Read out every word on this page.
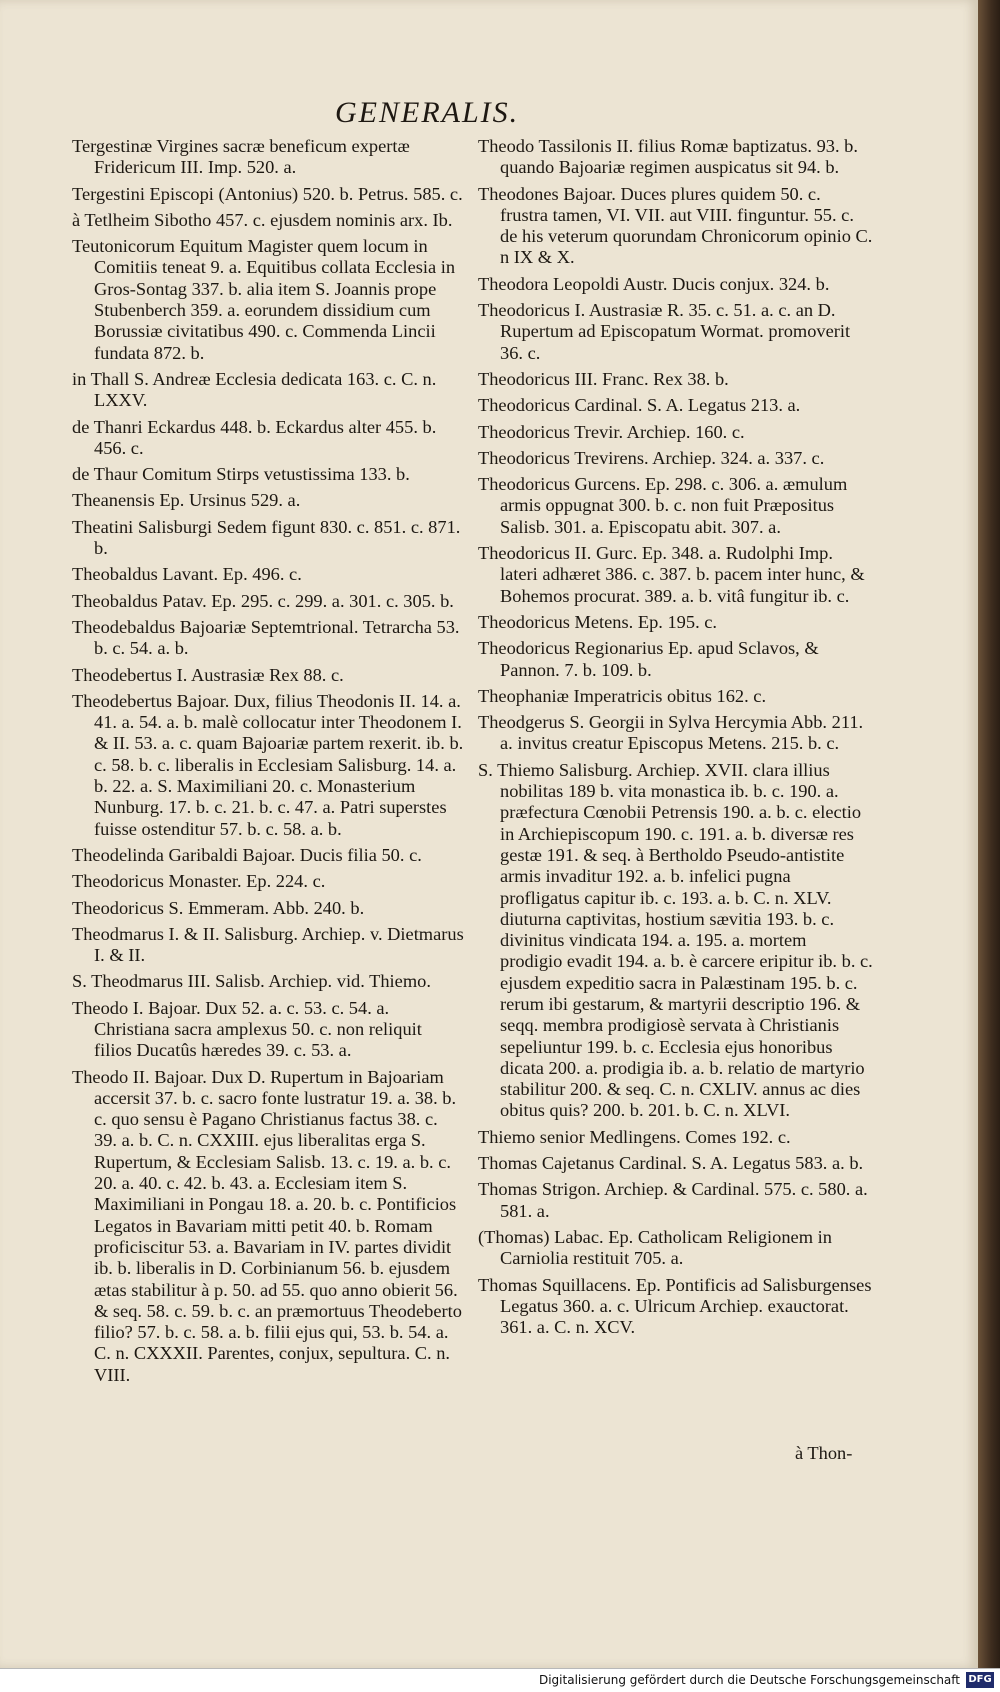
GENERALIS.

Tergestinæ Virgines sacræ beneficum expertæ Fridericum III. Imp. 520. a.

Tergestini Episcopi (Antonius) 520. b. Petrus. 585. c.

à Tetlheim Sibotho 457. c. ejusdem nominis arx. Ib.

Teutonicorum Equitum Magister quem locum in Comitiis teneat 9. a. Equitibus collata Ecclesia in Gros-Sontag 337. b. alia item S. Joannis prope Stubenberch 359. a. eorundem dissidium cum Borussiæ civitatibus 490. c. Commenda Lincii fundata 872. b.

in Thall S. Andreæ Ecclesia dedicata 163. c. C. n. LXXV.

de Thanri Eckardus 448. b. Eckardus alter 455. b. 456. c.

de Thaur Comitum Stirps vetustissima 133. b.

Theanensis Ep. Ursinus 529. a.

Theatini Salisburgi Sedem figunt 830. c. 851. c. 871. b.

Theobaldus Lavant. Ep. 496. c.

Theobaldus Patav. Ep. 295. c. 299. a. 301. c. 305. b.

Theodebaldus Bajoariæ Septemtrional. Tetrarcha 53. b. c. 54. a. b.

Theodebertus I. Austrasiæ Rex 88. c.

Theodebertus Bajoar. Dux, filius Theodonis II. 14. a. 41. a. 54. a. b. malè collocatur inter Theodonem I. & II. 53. a. c. quam Bajoariæ partem rexerit. ib. b. c. 58. b. c. liberalis in Ecclesiam Salisburg. 14. a. b. 22. a. S. Maximiliani 20. c. Monasterium Nunburg. 17. b. c. 21. b. c. 47. a. Patri superstes fuisse ostenditur 57. b. c. 58. a. b.

Theodelinda Garibaldi Bajoar. Ducis filia 50. c.

Theodoricus Monaster. Ep. 224. c.

Theodoricus S. Emmeram. Abb. 240. b.

Theodmarus I. & II. Salisburg. Archiep. v. Dietmarus I. & II.

S. Theodmarus III. Salisb. Archiep. vid. Thiemo.

Theodo I. Bajoar. Dux 52. a. c. 53. c. 54. a. Christiana sacra amplexus 50. c. non reliquit filios Ducatûs hæredes 39. c. 53. a.

Theodo II. Bajoar. Dux D. Rupertum in Bajoariam accersit 37. b. c. sacro fonte lustratur 19. a. 38. b. c. quo sensu è Pagano Christianus factus 38. c. 39. a. b. C. n. CXXIII. ejus liberalitas erga S. Rupertum, & Ecclesiam Salisb. 13. c. 19. a. b. c. 20. a. 40. c. 42. b. 43. a. Ecclesiam item S. Maximiliani in Pongau 18. a. 20. b. c. Pontificios Legatos in Bavariam mitti petit 40. b. Romam proficiscitur 53. a. Bavariam in IV. partes dividit ib. b. liberalis in D. Corbinianum 56. b. ejusdem ætas stabilitur à p. 50. ad 55. quo anno obierit 56. & seq. 58. c. 59. b. c. an præmortuus Theodeberto filio? 57. b. c. 58. a. b. filii ejus qui, 53. b. 54. a. C. n. CXXXII. Parentes, conjux, sepultura. C. n. VIII.

Theodo Tassilonis II. filius Romæ baptizatus. 93. b. quando Bajoariæ regimen auspicatus sit 94. b.

Theodones Bajoar. Duces plures quidem 50. c. frustra tamen, VI. VII. aut VIII. finguntur. 55. c. de his veterum quorundam Chronicorum opinio C. n IX & X.

Theodora Leopoldi Austr. Ducis conjux. 324. b.

Theodoricus I. Austrasiæ R. 35. c. 51. a. c. an D. Rupertum ad Episcopatum Wormat. promoverit 36. c.

Theodoricus III. Franc. Rex 38. b.

Theodoricus Cardinal. S. A. Legatus 213. a.

Theodoricus Trevir. Archiep. 160. c.

Theodoricus Trevirens. Archiep. 324. a. 337. c.

Theodoricus Gurcens. Ep. 298. c. 306. a. æmulum armis oppugnat 300. b. c. non fuit Præpositus Salisb. 301. a. Episcopatu abit. 307. a.

Theodoricus II. Gurc. Ep. 348. a. Rudolphi Imp. lateri adhæret 386. c. 387. b. pacem inter hunc, & Bohemos procurat. 389. a. b. vitâ fungitur ib. c.

Theodoricus Metens. Ep. 195. c.

Theodoricus Regionarius Ep. apud Sclavos, & Pannon. 7. b. 109. b.

Theophaniæ Imperatricis obitus 162. c.

Theodgerus S. Georgii in Sylva Hercymia Abb. 211. a. invitus creatur Episcopus Metens. 215. b. c.

S. Thiemo Salisburg. Archiep. XVII. clara illius nobilitas 189 b. vita monastica ib. b. c. 190. a. præfectura Cœnobii Petrensis 190. a. b. c. electio in Archiepiscopum 190. c. 191. a. b. diversæ res gestæ 191. & seq. à Bertholdo Pseudo-antistite armis invaditur 192. a. b. infelici pugna profligatus capitur ib. c. 193. a. b. C. n. XLV. diuturna captivitas, hostium sævitia 193. b. c. divinitus vindicata 194. a. 195. a. mortem prodigio evadit 194. a. b. è carcere eripitur ib. b. c. ejusdem expeditio sacra in Palæstinam 195. b. c. rerum ibi gestarum, & martyrii descriptio 196. & seqq. membra prodigiosè servata à Christianis sepeliuntur 199. b. c. Ecclesia ejus honoribus dicata 200. a. prodigia ib. a. b. relatio de martyrio stabilitur 200. & seq. C. n. CXLIV. annus ac dies obitus quis? 200. b. 201. b. C. n. XLVI.

Thiemo senior Medlingens. Comes 192. c.

Thomas Cajetanus Cardinal. S. A. Legatus 583. a. b.

Thomas Strigon. Archiep. & Cardinal. 575. c. 580. a. 581. a.

(Thomas) Labac. Ep. Catholicam Religionem in Carniolia restituit 705. a.

Thomas Squillacens. Ep. Pontificis ad Salisburgenses Legatus 360. a. c. Ulricum Archiep. exauctorat. 361. a. C. n. XCV.

à Thon-
Digitalisierung gefördert durch die Deutsche Forschungsgemeinschaft DFG
